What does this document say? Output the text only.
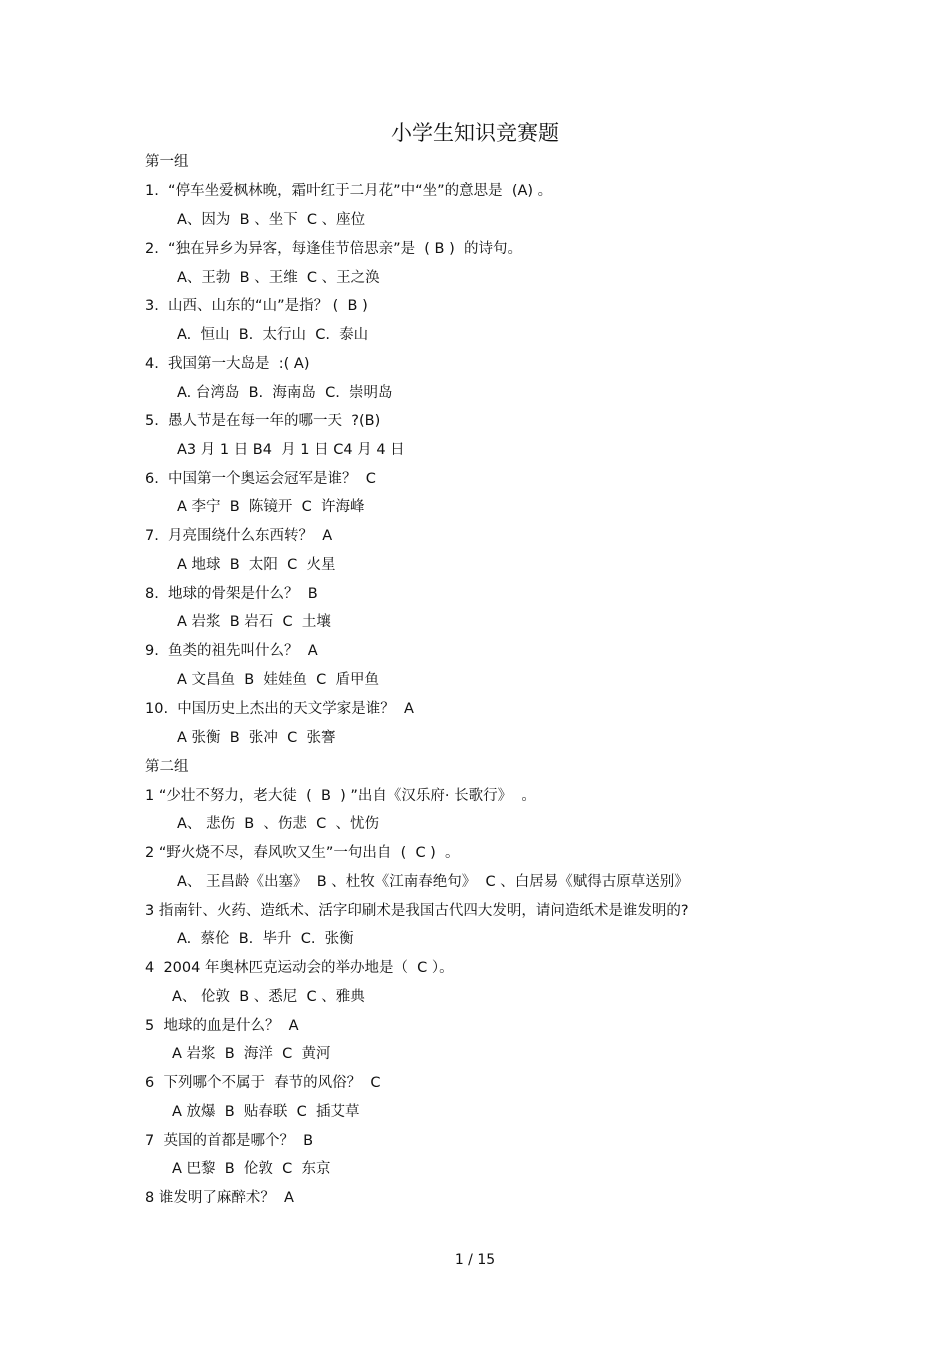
小学生知识竞赛题
第一组
1.  “停车坐爱枫林晚，霜叶红于二月花”中“坐”的意思是  (A) 。
A、因为  B 、坐下  C 、座位
2.  “独在异乡为异客，每逢佳节倍思亲”是  ( B )  的诗句。
A、王勃  B 、王维  C 、王之涣
3.  山西、山东的“山”是指？ (  B )
A.  恒山  B.  太行山  C.  泰山
4.  我国第一大岛是  :( A)
A. 台湾岛  B.  海南岛  C.  崇明岛
5.  愚人节是在每一年的哪一天  ?(B)
A3 月 1 日 B4  月 1 日 C4 月 4 日
6.  中国第一个奥运会冠军是谁？  C
A 李宁  B  陈镜开  C  许海峰
7.  月亮围绕什么东西转？  A
A 地球  B  太阳  C  火星
8.  地球的骨架是什么？  B
A 岩浆  B 岩石  C  土壤
9.  鱼类的祖先叫什么？  A
A 文昌鱼  B  娃娃鱼  C  盾甲鱼
10.  中国历史上杰出的天文学家是谁？  A
A 张衡  B  张冲  C  张謇
第二组
1 “少壮不努力，老大徒  (  B  ) ”出自《汉乐府· 长歌行》  。
A、 悲伤  B  、伤悲  C  、忧伤
2 “野火烧不尽，春风吹又生”一句出自  (  C )  。
A、 王昌龄《出塞》  B 、杜牧《江南春绝句》  C 、白居易《赋得古原草送别》
3 指南针、火药、造纸术、活字印刷术是我国古代四大发明，请问造纸术是谁发明的?
A.  蔡伦  B.  毕升  C.  张衡
4  2004 年奥林匹克运动会的举办地是（  C ）。
A、 伦敦  B 、悉尼  C 、雅典
5  地球的血是什么？  A
A 岩浆  B  海洋  C  黄河
6  下列哪个不属于  春节的风俗？  C
A 放爆  B  贴春联  C  插艾草
7  英国的首都是哪个？  B
A 巴黎  B  伦敦  C  东京
8 谁发明了麻醉术？  A
1 / 15
